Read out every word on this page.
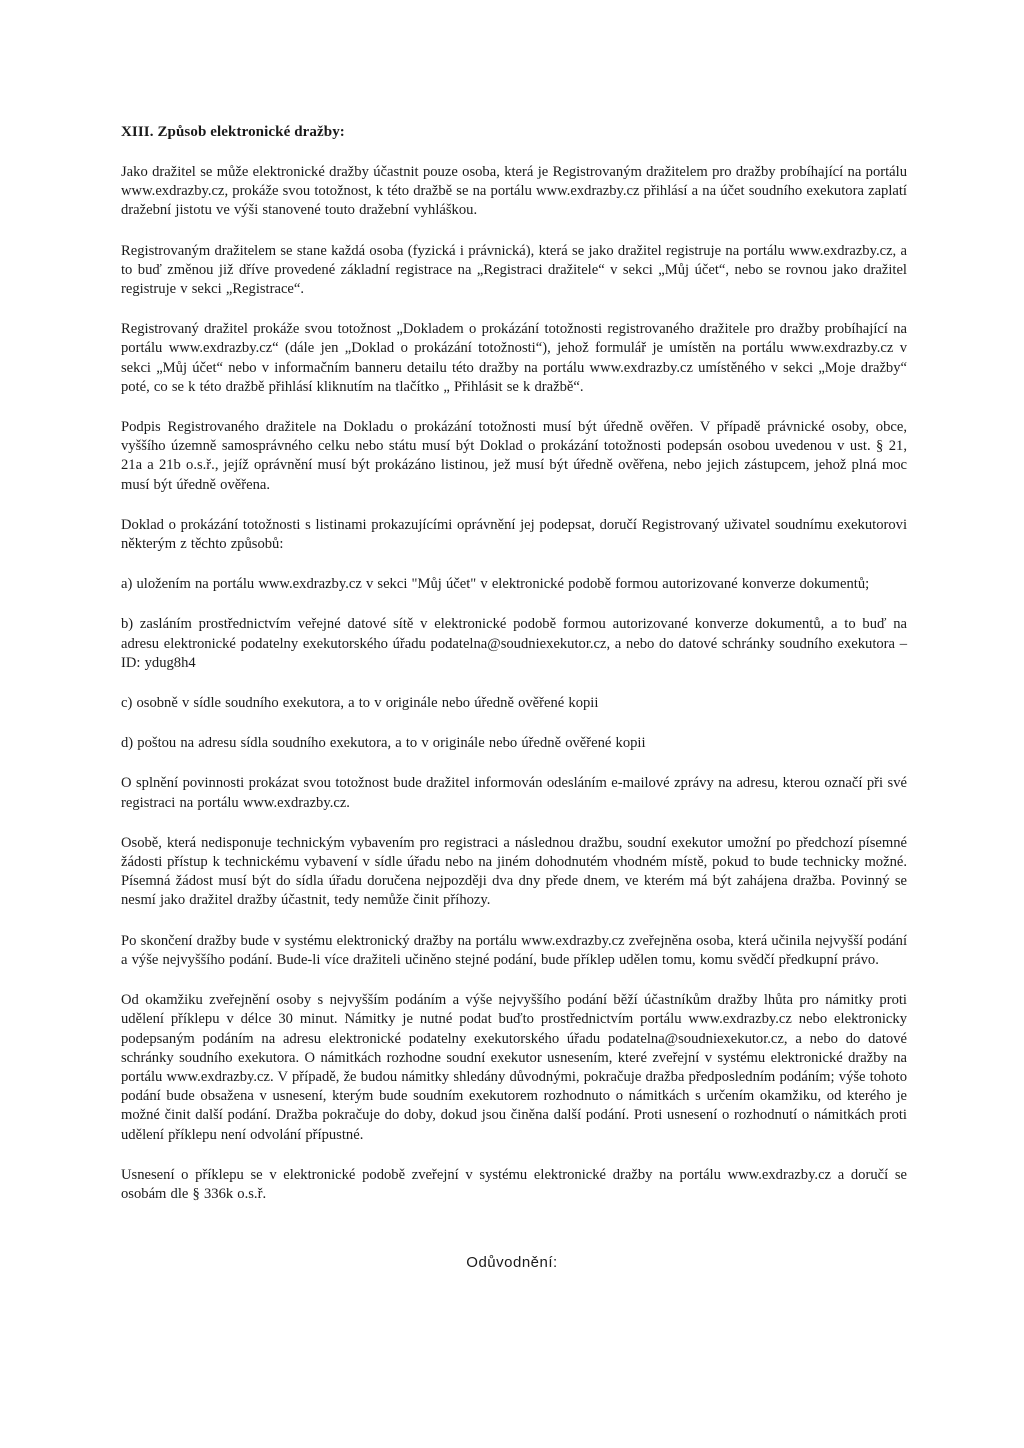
XIII. Způsob elektronické dražby:

Jako dražitel se může elektronické dražby účastnit pouze osoba, která je Registrovaným dražitelem pro dražby probíhající na portálu www.exdrazby.cz, prokáže svou totožnost, k této dražbě se na portálu www.exdrazby.cz přihlásí a na účet soudního exekutora zaplatí dražební jistotu ve výši stanovené touto dražební vyhláškou.

Registrovaným dražitelem se stane každá osoba (fyzická i právnická), která se jako dražitel registruje na portálu www.exdrazby.cz, a to buď změnou již dříve provedené základní registrace na „Registraci dražitele“ v sekci „Můj účet“, nebo se rovnou jako dražitel registruje v sekci „Registrace“.

Registrovaný dražitel prokáže svou totožnost „Dokladem o prokázání totožnosti registrovaného dražitele pro dražby probíhající na portálu www.exdrazby.cz“ (dále jen „Doklad o prokázání totožnosti“), jehož formulář je umístěn na portálu www.exdrazby.cz v sekci „Můj účet“ nebo v informačním banneru detailu této dražby na portálu www.exdrazby.cz umístěného v sekci „Moje dražby“ poté, co se k této dražbě přihlásí kliknutím na tlačítko „ Přihlásit se k dražbě“.

Podpis Registrovaného dražitele na Dokladu o prokázání totožnosti musí být úředně ověřen. V případě právnické osoby, obce, vyššího územně samosprávného celku nebo státu musí být Doklad o prokázání totožnosti podepsán osobou uvedenou v ust. § 21, 21a a 21b o.s.ř., jejíž oprávnění musí být prokázáno listinou, jež musí být úředně ověřena, nebo jejich zástupcem, jehož plná moc musí být úředně ověřena.

Doklad o prokázání totožnosti s listinami prokazujícími oprávnění jej podepsat, doručí Registrovaný uživatel soudnímu exekutorovi některým z těchto způsobů:

a) uložením na portálu www.exdrazby.cz v sekci "Můj účet" v elektronické podobě formou autorizované konverze dokumentů;

b) zasláním prostřednictvím veřejné datové sítě v elektronické podobě formou autorizované konverze dokumentů, a to buď na adresu elektronické podatelny exekutorského úřadu podatelna@soudniexekutor.cz, a nebo do datové schránky soudního exekutora – ID: ydug8h4

c) osobně v sídle soudního exekutora, a to v originále nebo úředně ověřené kopii

d) poštou na adresu sídla soudního exekutora, a to v originále nebo úředně ověřené kopii

O splnění povinnosti prokázat svou totožnost bude dražitel informován odesláním e-mailové zprávy na adresu, kterou označí při své registraci na portálu www.exdrazby.cz.

Osobě, která nedisponuje technickým vybavením pro registraci a následnou dražbu, soudní exekutor umožní po předchozí písemné žádosti přístup k technickému vybavení v sídle úřadu nebo na jiném dohodnutém vhodném místě, pokud to bude technicky možné. Písemná žádost musí být do sídla úřadu doručena nejpozději dva dny přede dnem, ve kterém má být zahájena dražba. Povinný se nesmí jako dražitel dražby účastnit, tedy nemůže činit příhozy.

Po skončení dražby bude v systému elektronický dražby na portálu www.exdrazby.cz zveřejněna osoba, která učinila nejvyšší podání a výše nejvyššího podání. Bude-li více dražiteli učiněno stejné podání, bude příklep udělen tomu, komu svědčí předkupní právo.

Od okamžiku zveřejnění osoby s nejvyšším podáním a výše nejvyššího podání běží účastníkům dražby lhůta pro námitky proti udělení příklepu v délce 30 minut. Námitky je nutné podat buďto prostřednictvím portálu www.exdrazby.cz nebo elektronicky podepsaným podáním na adresu elektronické podatelny exekutorského úřadu podatelna@soudniexekutor.cz, a nebo do datové schránky soudního exekutora. O námitkách rozhodne soudní exekutor usnesením, které zveřejní v systému elektronické dražby na portálu www.exdrazby.cz. V případě, že budou námitky shledány důvodnými, pokračuje dražba předposledním podáním; výše tohoto podání bude obsažena v usnesení, kterým bude soudním exekutorem rozhodnuto o námitkách s určením okamžiku, od kterého je možné činit další podání. Dražba pokračuje do doby, dokud jsou činěna další podání. Proti usnesení o rozhodnutí o námitkách proti udělení příklepu není odvolání přípustné.

Usnesení o příklepu se v elektronické podobě zveřejní v systému elektronické dražby na portálu www.exdrazby.cz a doručí se osobám dle § 336k o.s.ř.

Odůvodnění:
